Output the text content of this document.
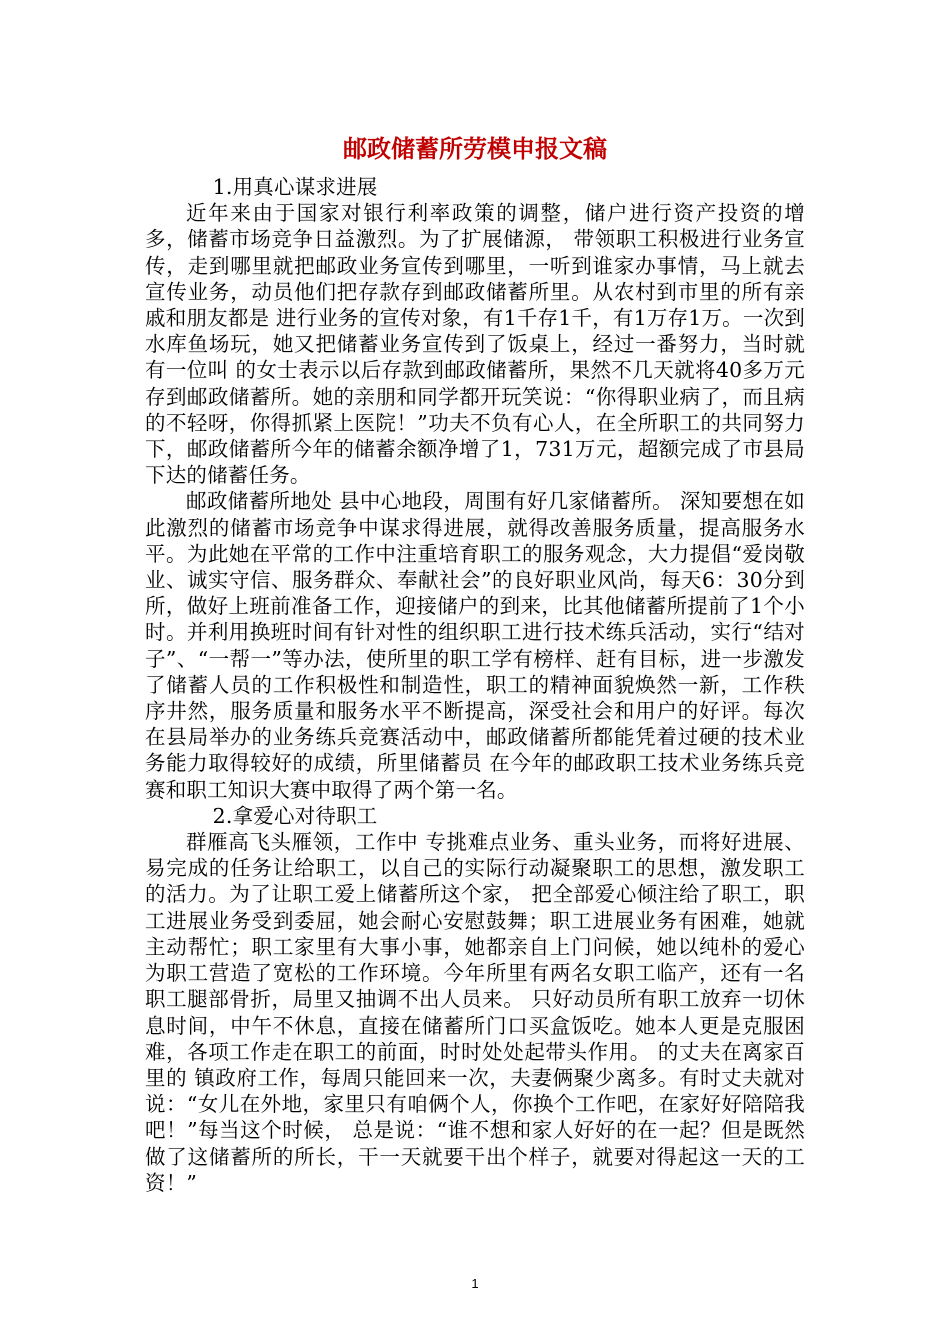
邮政储蓄所劳模申报文稿
1.用真心谋求进展

近年来由于国家对银行利率政策的调整，储户进行资产投资的增多，储蓄市场竞争日益激烈。为了扩展储源， 带领职工积极进行业务宣传，走到哪里就把邮政业务宣传到哪里，一听到谁家办事情，马上就去宣传业务，动员他们把存款存到邮政储蓄所里。从农村到市里的所有亲戚和朋友都是 进行业务的宣传对象，有1千存1千，有1万存1万。一次到 水库鱼场玩，她又把储蓄业务宣传到了饭桌上，经过一番努力，当时就有一位叫 的女士表示以后存款到邮政储蓄所，果然不几天就将40多万元存到邮政储蓄所。她的亲朋和同学都开玩笑说：“你得职业病了，而且病的不轻呀，你得抓紧上医院！”功夫不负有心人，在全所职工的共同努力下，邮政储蓄所今年的储蓄余额净增了1，731万元，超额完成了市县局下达的储蓄任务。

邮政储蓄所地处 县中心地段，周围有好几家储蓄所。 深知要想在如此激烈的储蓄市场竞争中谋求得进展，就得改善服务质量，提高服务水平。为此她在平常的工作中注重培育职工的服务观念，大力提倡“爱岗敬业、诚实守信、服务群众、奉献社会”的良好职业风尚，每天6：30分到所，做好上班前准备工作，迎接储户的到来，比其他储蓄所提前了1个小时。并利用换班时间有针对性的组织职工进行技术练兵活动，实行“结对子”、“一帮一”等办法，使所里的职工学有榜样、赶有目标，进一步激发了储蓄人员的工作积极性和制造性，职工的精神面貌焕然一新，工作秩序井然，服务质量和服务水平不断提高，深受社会和用户的好评。每次在县局举办的业务练兵竞赛活动中，邮政储蓄所都能凭着过硬的技术业务能力取得较好的成绩，所里储蓄员 在今年的邮政职工技术业务练兵竞赛和职工知识大赛中取得了两个第一名。

2.拿爱心对待职工

群雁高飞头雁领，工作中 专挑难点业务、重头业务，而将好进展、易完成的任务让给职工，以自己的实际行动凝聚职工的思想，激发职工的活力。为了让职工爱上储蓄所这个家， 把全部爱心倾注给了职工，职工进展业务受到委屈，她会耐心安慰鼓舞；职工进展业务有困难，她就主动帮忙；职工家里有大事小事，她都亲自上门问候，她以纯朴的爱心为职工营造了宽松的工作环境。今年所里有两名女职工临产，还有一名职工腿部骨折，局里又抽调不出人员来。 只好动员所有职工放弃一切休息时间，中午不休息，直接在储蓄所门口买盒饭吃。她本人更是克服困难，各项工作走在职工的前面，时时处处起带头作用。 的丈夫在离家百里的 镇政府工作，每周只能回来一次，夫妻俩聚少离多。有时丈夫就对 说：“女儿在外地，家里只有咱俩个人，你换个工作吧，在家好好陪陪我吧！”每当这个时候， 总是说：“谁不想和家人好好的在一起？但是既然做了这储蓄所的所长，干一天就要干出个样子，就要对得起这一天的工资！”

1
